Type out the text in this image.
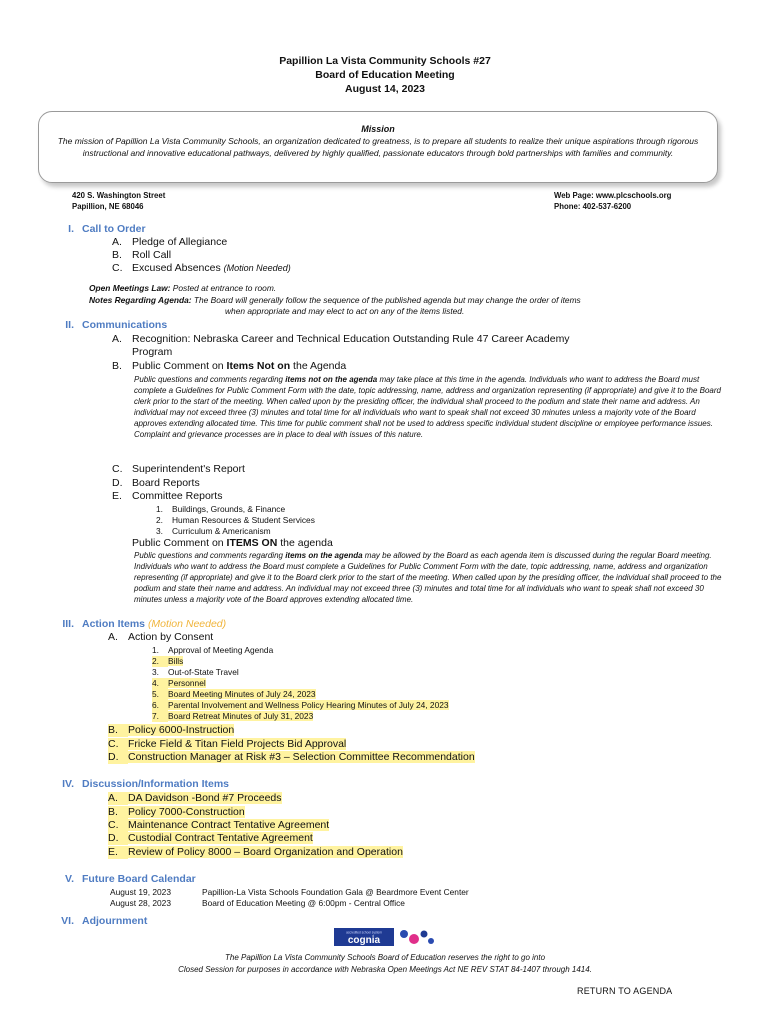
Papillion La Vista Community Schools #27
Board of Education Meeting
August 14, 2023
Mission
The mission of Papillion La Vista Community Schools, an organization dedicated to greatness, is to prepare all students to realize their unique aspirations through rigorous instructional and innovative educational pathways, delivered by highly qualified, passionate educators through bold partnerships with families and community.
420 S. Washington Street
Papillion, NE 68046
Web Page: www.plcschools.org
Phone: 402-537-6200
I. Call to Order
A. Pledge of Allegiance
B. Roll Call
C. Excused Absences (Motion Needed)
Open Meetings Law: Posted at entrance to room.
Notes Regarding Agenda: The Board will generally follow the sequence of the published agenda but may change the order of items
when appropriate and may elect to act on any of the items listed.
II. Communications
A. Recognition: Nebraska Career and Technical Education Outstanding Rule 47 Career Academy
Program
B. Public Comment on Items Not on the Agenda
Public questions and comments regarding items not on the agenda may take place at this time in the agenda. Individuals who want to address the Board must complete a Guidelines for Public Comment Form with the date, topic addressing, name, address and organization representing (if appropriate) and give it to the Board clerk prior to the start of the meeting. When called upon by the presiding officer, the individual shall proceed to the podium and state their name and address. An individual may not exceed three (3) minutes and total time for all individuals who want to speak shall not exceed 30 minutes unless a majority vote of the Board approves extending allocated time. This time for public comment shall not be used to address specific individual student discipline or employee performance issues. Complaint and grievance processes are in place to deal with issues of this nature.
C. Superintendent's Report
D. Board Reports
E. Committee Reports
1. Buildings, Grounds, & Finance
2. Human Resources & Student Services
3. Curriculum & Americanism
Public Comment on ITEMS ON the agenda
Public questions and comments regarding items on the agenda may be allowed by the Board as each agenda item is discussed during the regular Board meeting. Individuals who want to address the Board must complete a Guidelines for Public Comment Form with the date, topic addressing, name, address and organization representing (if appropriate) and give it to the Board clerk prior to the start of the meeting. When called upon by the presiding officer, the individual shall proceed to the podium and state their name and address. An individual may not exceed three (3) minutes and total time for all individuals who want to speak shall not exceed 30 minutes unless a majority vote of the Board approves extending allocated time.
III. Action Items (Motion Needed)
A. Action by Consent
1. Approval of Meeting Agenda
2. Bills
3. Out-of-State Travel
4. Personnel
5. Board Meeting Minutes of July 24, 2023
6. Parental Involvement and Wellness Policy Hearing Minutes of July 24, 2023
7. Board Retreat Minutes of July 31, 2023
B. Policy 6000-Instruction
C. Fricke Field & Titan Field Projects Bid Approval
D. Construction Manager at Risk #3 – Selection Committee Recommendation
IV. Discussion/Information Items
A. DA Davidson -Bond #7 Proceeds
B. Policy 7000-Construction
C. Maintenance Contract Tentative Agreement
D. Custodial Contract Tentative Agreement
E. Review of Policy 8000 – Board Organization and Operation
V. Future Board Calendar
August 19, 2023	Papillion-La Vista Schools Foundation Gala @ Beardmore Event Center
August 28, 2023	Board of Education Meeting @ 6:00pm - Central Office
VI. Adjournment
accredited school system
cognia
The Papillion La Vista Community Schools Board of Education reserves the right to go into
Closed Session for purposes in accordance with Nebraska Open Meetings Act NE REV STAT 84-1407 through 1414.
RETURN TO AGENDA
